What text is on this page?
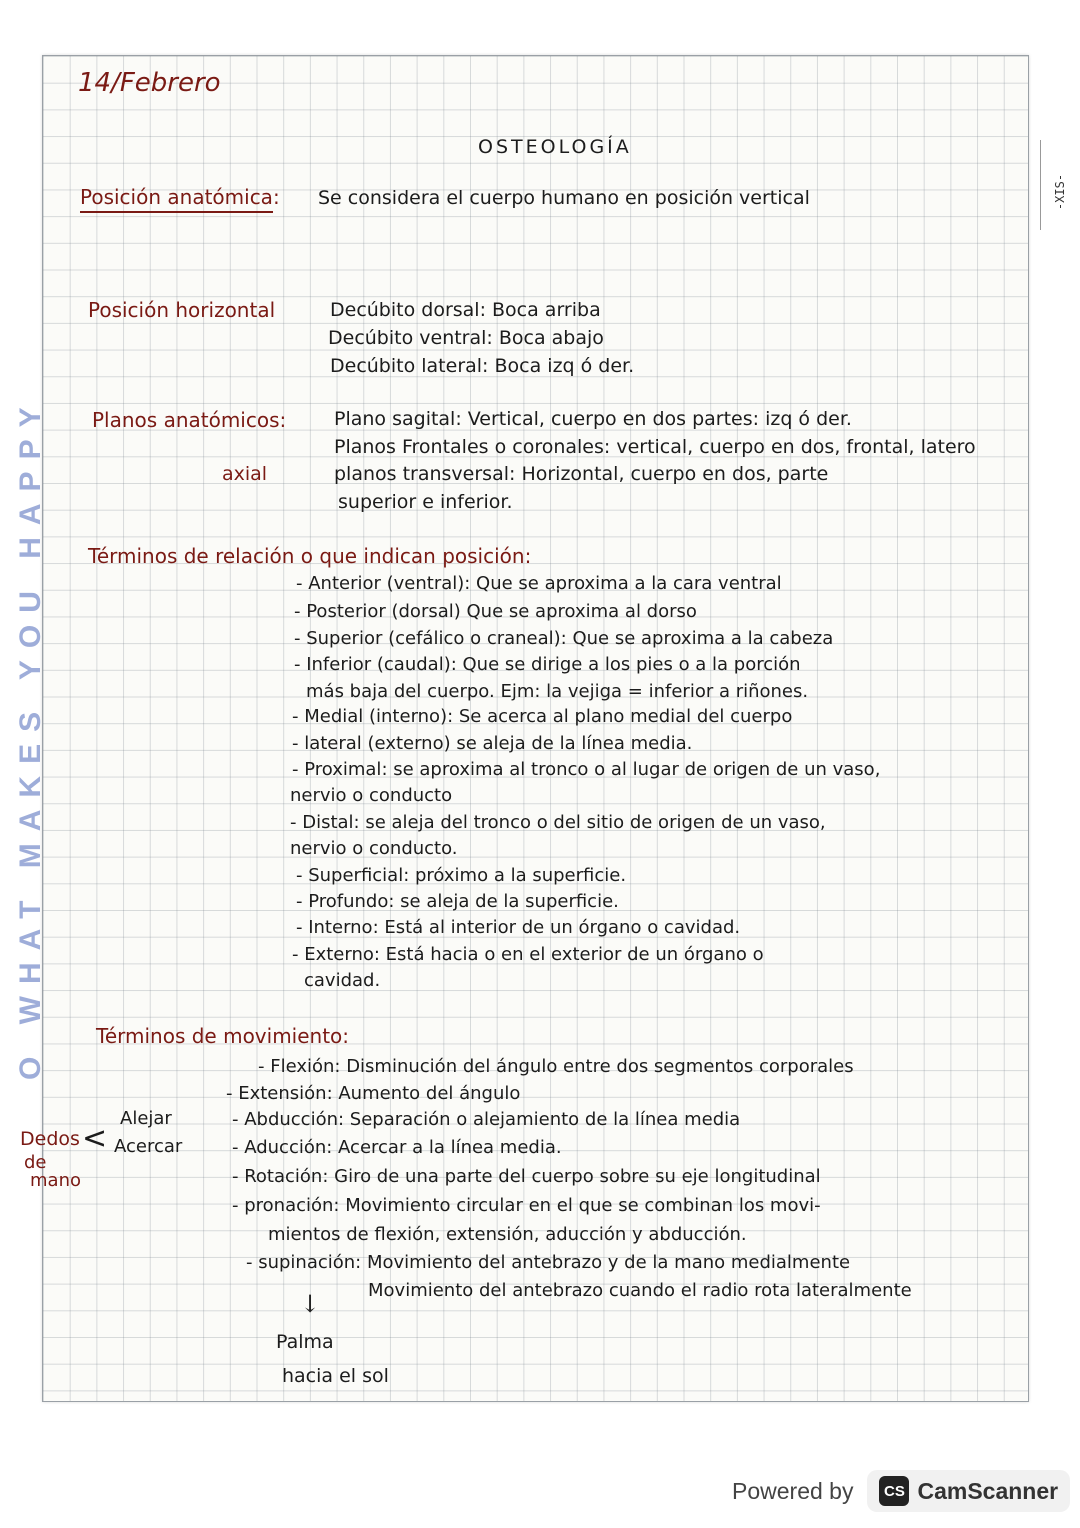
O WHAT MAKES YOU HAPPY
-XIS-
14/Febrero
OSTEOLOGÍA
Posición anatómica: Se considera el cuerpo humano en posición vertical
Posición horizontal	Decúbito dorsal: Boca arriba
Decúbito ventral: Boca abajo
Decúbito lateral: Boca izq ó der.
Planos anatómicos:	Plano sagital: Vertical, cuerpo en dos partes: izq ó der.
Planos Frontales o coronales: vertical, cuerpo en dos, frontal, latero
axial	planos transversal: Horizontal, cuerpo en dos, parte
superior e inferior.
Términos de relación o que indican posición:
- Anterior (ventral): Que se aproxima a la cara ventral
- Posterior (dorsal) Que se aproxima al dorso
- Superior (cefálico o craneal): Que se aproxima a la cabeza
- Inferior (caudal): Que se dirige a los pies o a la porción
más baja del cuerpo. Ejm: la vejiga = inferior a riñones.
- Medial (interno): Se acerca al plano medial del cuerpo
- lateral (externo) se aleja de la línea media.
- Proximal: se aproxima al tronco o al lugar de origen de un vaso,
nervio o conducto
- Distal: se aleja del tronco o del sitio de origen de un vaso,
nervio o conducto.
- Superficial: próximo a la superficie.
- Profundo: se aleja de la superficie.
- Interno: Está al interior de un órgano o cavidad.
- Externo: Está hacia o en el exterior de un órgano o
cavidad.
Términos de movimiento:
- Flexión: Disminución del ángulo entre dos segmentos corporales
- Extensión: Aumento del ángulo
- Abducción: Separación o alejamiento de la línea media
- Aducción: Acercar a la línea media.
- Rotación: Giro de una parte del cuerpo sobre su eje longitudinal
- pronación: Movimiento circular en el que se combinan los movi-
mientos de flexión, extensión, aducción y abducción.
- supinación: Movimiento del antebrazo y de la mano medialmente
Movimiento del antebrazo cuando el radio rota lateralmente
Dedos
de
mano
<
Alejar
Acercar
↓
Palma
hacia el sol
Powered by	CS CamScanner
